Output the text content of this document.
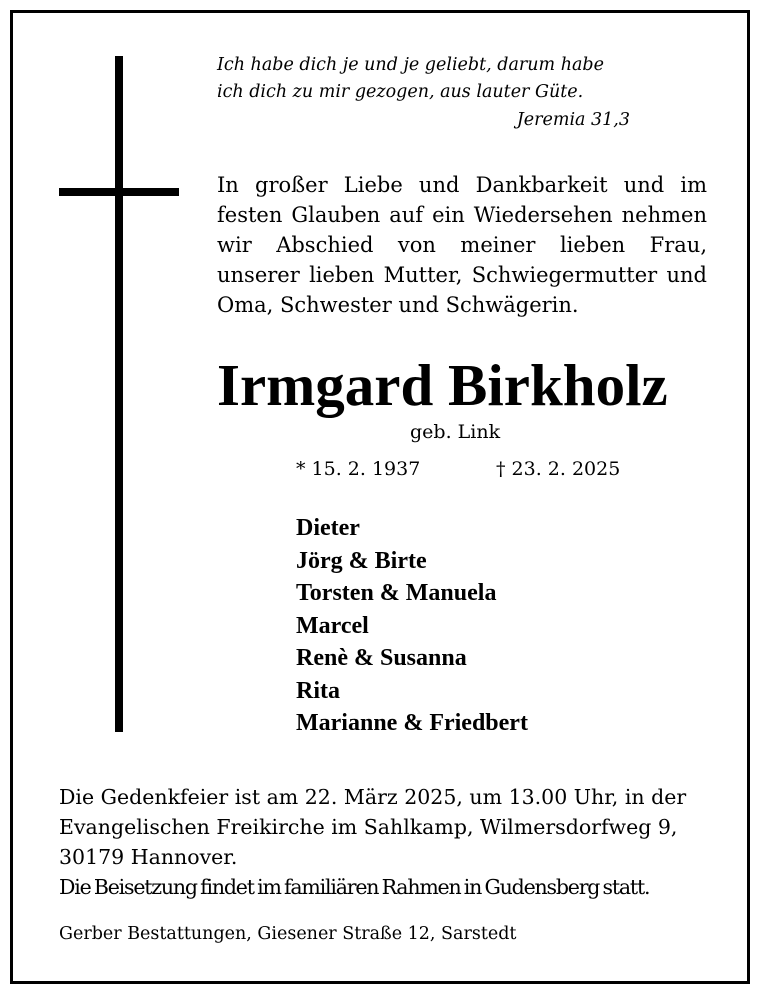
Ich habe dich je und je geliebt, darum habe
ich dich zu mir gezogen, aus lauter Güte.
Jeremia 31,3
In großer Liebe und Dankbarkeit und im festen Glauben auf ein Wiedersehen nehmen wir Abschied von meiner lieben Frau, unserer lieben Mutter, Schwiegermutter und Oma, Schwester und Schwägerin.
Irmgard Birkholz
geb. Link
* 15. 2. 1937	† 23. 2. 2025
Dieter
Jörg & Birte
Torsten & Manuela
Marcel
Renè & Susanna
Rita
Marianne & Friedbert
Die Gedenkfeier ist am 22. März 2025, um 13.00 Uhr, in der
Evangelischen Freikirche im Sahlkamp, Wilmersdorfweg 9,
30179 Hannover.
Die Beisetzung findet im familiären Rahmen in Gudensberg statt.
Gerber Bestattungen, Giesener Straße 12, Sarstedt
